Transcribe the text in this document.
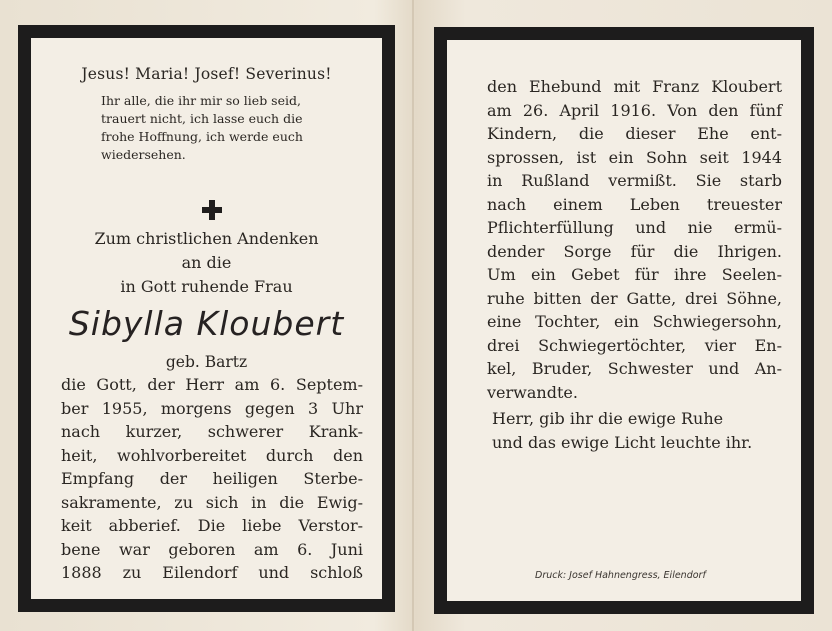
Jesus! Maria! Josef! Severinus!
Ihr alle, die ihr mir so lieb seid,
trauert nicht, ich lasse euch die
frohe Hoffnung, ich werde euch
wiedersehen.
Zum christlichen Andenken
an die
in Gott ruhende Frau
Sibylla Kloubert
geb. Bartz
die Gott, der Herr am 6. Septem-
ber 1955, morgens gegen 3 Uhr
nach kurzer, schwerer Krank-
heit, wohlvorbereitet durch den
Empfang der heiligen Sterbe-
sakramente, zu sich in die Ewig-
keit abberief. Die liebe Verstor-
bene war geboren am 6. Juni
1888 zu Eilendorf und schloß
den Ehebund mit Franz Kloubert
am 26. April 1916. Von den fünf
Kindern, die dieser Ehe ent-
sprossen, ist ein Sohn seit 1944
in Rußland vermißt. Sie starb
nach einem Leben treuester
Pflichterfüllung und nie ermü-
dender Sorge für die Ihrigen.
Um ein Gebet für ihre Seelen-
ruhe bitten der Gatte, drei Söhne,
eine Tochter, ein Schwiegersohn,
drei Schwiegertöchter, vier En-
kel, Bruder, Schwester und An-
verwandte.
Herr, gib ihr die ewige Ruhe
und das ewige Licht leuchte ihr.
Druck: Josef Hahnengress, Eilendorf
